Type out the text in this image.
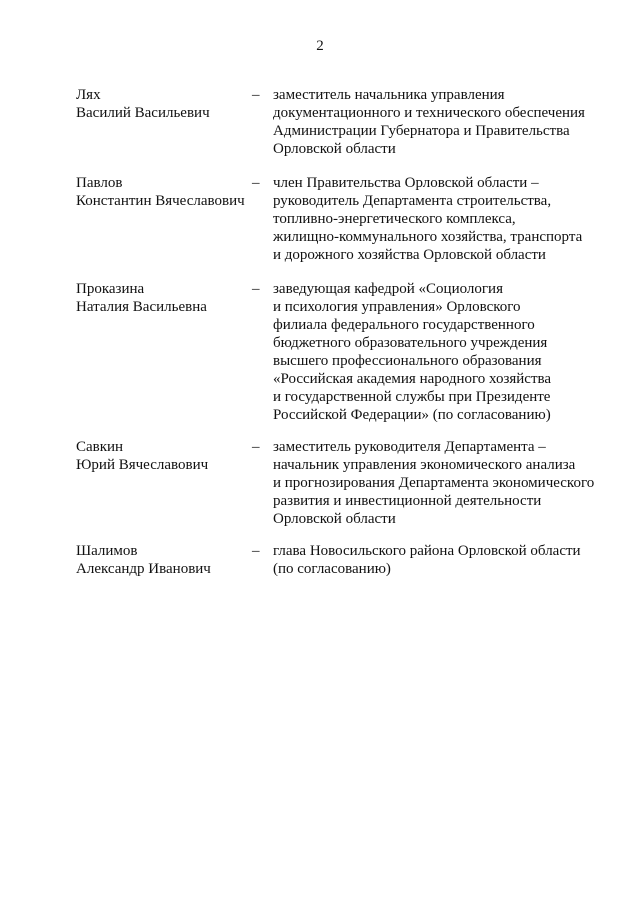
2
Лях
Василий Васильевич
– заместитель начальника управления
документационного и технического обеспечения
Администрации Губернатора и Правительства
Орловской области
Павлов
Константин Вячеславович
– член Правительства Орловской области –
руководитель Департамента строительства,
топливно-энергетического комплекса,
жилищно-коммунального хозяйства, транспорта
и дорожного хозяйства Орловской области
Проказина
Наталия Васильевна
– заведующая кафедрой «Социология
и психология управления» Орловского
филиала федерального государственного
бюджетного образовательного учреждения
высшего профессионального образования
«Российская академия народного хозяйства
и государственной службы при Президенте
Российской Федерации» (по согласованию)
Савкин
Юрий Вячеславович
– заместитель руководителя Департамента –
начальник управления экономического анализа
и прогнозирования Департамента экономического
развития и инвестиционной деятельности
Орловской области
Шалимов
Александр Иванович
– глава Новосильского района Орловской области
(по согласованию)
